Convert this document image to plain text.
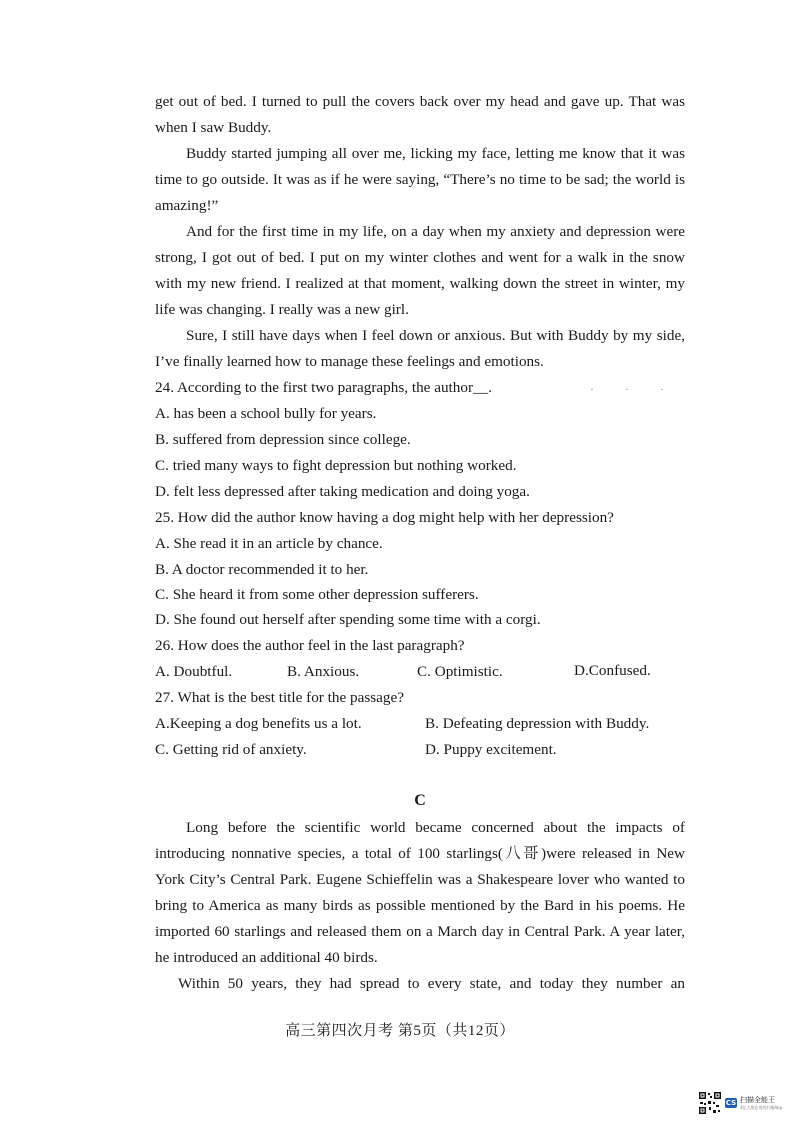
get out of bed. I turned to pull the covers back over my head and gave up. That was
when I saw Buddy.
Buddy started jumping all over me, licking my face, letting me know that it was
time to go outside. It was as if he were saying, “There’s no time to be sad; the world is
amazing!”
And for the first time in my life, on a day when my anxiety and depression were
strong, I got out of bed. I put on my winter clothes and went for a walk in the snow
with my new friend. I realized at that moment, walking down the street in winter, my
life was changing. I really was a new girl.
Sure, I still have days when I feel down or anxious. But with Buddy by my side,
I’ve finally learned how to manage these feelings and emotions.
24. According to the first two paragraphs, the author__.	· · ·
A. has been a school bully for years.
B. suffered from depression since college.
C. tried many ways to fight depression but nothing worked.
D. felt less depressed after taking medication and doing yoga.
25. How did the author know having a dog might help with her depression?
A. She read it in an article by chance.
B. A doctor recommended it to her.
C. She heard it from some other depression sufferers.
D. She found out herself after spending some time with a corgi.
26. How does the author feel in the last paragraph?
A. Doubtful.	B. Anxious.	C. Optimistic.	D.Confused.
27. What is the best title for the passage?
A.Keeping a dog benefits us a lot.	B. Defeating depression with Buddy.
C. Getting rid of anxiety.	D. Puppy excitement.
C
Long before the scientific world became concerned about the impacts of
introducing nonnative species, a total of 100 starlings(八哥)were released in New
York City’s Central Park. Eugene Schieffelin was a Shakespeare lover who wanted to
bring to America as many birds as possible mentioned by the Bard in his poems. He
imported 60 starlings and released them on a March day in Central Park. A year later,
he introduced an additional 40 birds.
Within 50 years, they had spread to every state, and today they number an
高三第四次月考 第5页（共12页）
CS 扫描全能王
3亿人都在用的扫描App
